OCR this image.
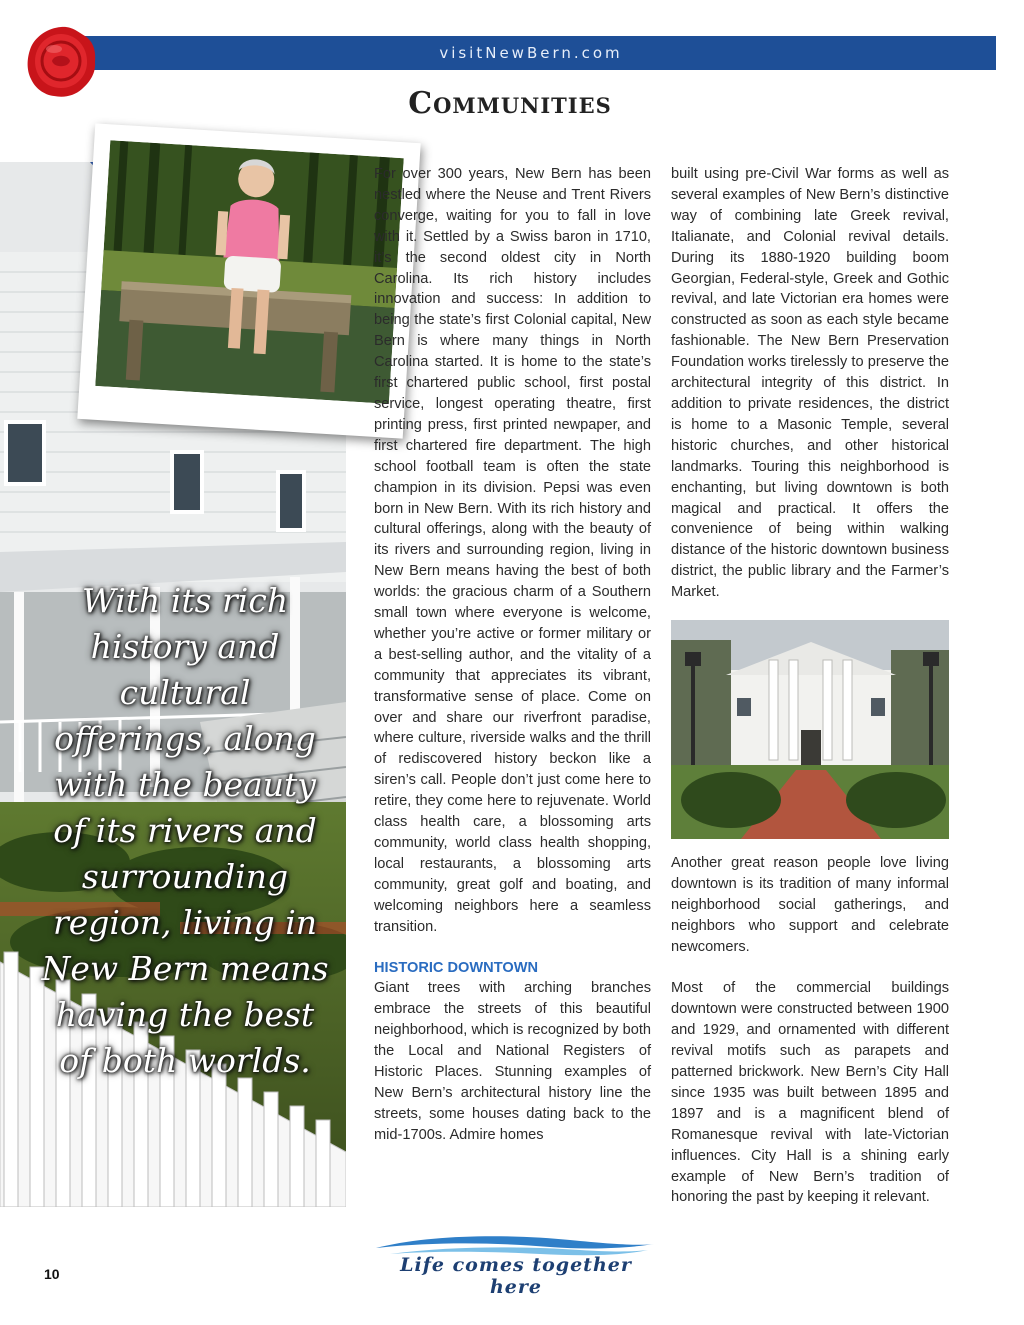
visitNewBern.com
Communities
With its rich history and cultural offerings, along with the beauty of its rivers and surrounding region, living in New Bern means having the best of both worlds.

For over 300 years, New Bern has been nestled where the Neuse and Trent Rivers converge, waiting for you to fall in love with it. Settled by a Swiss baron in 1710, it’s the second oldest city in North Carolina. Its rich history includes innovation and success: In addition to being the state’s first Colonial capital, New Bern is where many things in North Carolina started. It is home to the state’s first chartered public school, first postal service, longest operating theatre, first printing press, first printed newpaper, and first chartered fire department. The high school football team is often the state champion in its division. Pepsi was even born in New Bern. With its rich history and cultural offerings, along with the beauty of its rivers and surrounding region, living in New Bern means having the best of both worlds: the gracious charm of a Southern small town where everyone is welcome, whether you’re active or former military or a best-selling author, and the vitality of a community that appreciates its vibrant, transformative sense of place. Come on over and share our riverfront paradise, where culture, riverside walks and the thrill of rediscovered history beckon like a siren’s call. People don’t just come here to retire, they come here to rejuvenate. World class health care, a blossoming arts community, world class health shopping, local restaurants, a blossoming arts community, great golf and boating, and welcoming neighbors here a seamless transition.

HISTORIC DOWNTOWN

Giant trees with arching branches embrace the streets of this beautiful neighborhood, which is recognized by both the Local and National Registers of Historic Places. Stunning examples of New Bern’s architectural history line the streets, some houses dating back to the mid-1700s. Admire homes

built using pre-Civil War forms as well as several examples of New Bern’s distinctive way of combining late Greek revival, Italianate, and Colonial revival details. During its 1880-1920 building boom Georgian, Federal-style, Greek and Gothic revival, and late Victorian era homes were constructed as soon as each style became fashionable. The New Bern Preservation Foundation works tirelessly to preserve the architectural integrity of this district. In addition to private residences, the district is home to a Masonic Temple, several historic churches, and other historical landmarks. Touring this neighborhood is enchanting, but living downtown is both magical and practical. It offers the convenience of being within walking distance of the historic downtown business district, the public library and the Farmer’s Market.

Another great reason people love living downtown is its tradition of many informal neighborhood social gatherings, and neighbors who support and celebrate newcomers.

Most of the commercial buildings downtown were constructed between 1900 and 1929, and ornamented with different revival motifs such as parapets and patterned brickwork. New Bern’s City Hall since 1935 was built between 1895 and 1897 and is a magnificent blend of Romanesque revival with late-Victorian influences. City Hall is a shining early example of New Bern’s tradition of honoring the past by keeping it relevant.

Life comes together here
10
